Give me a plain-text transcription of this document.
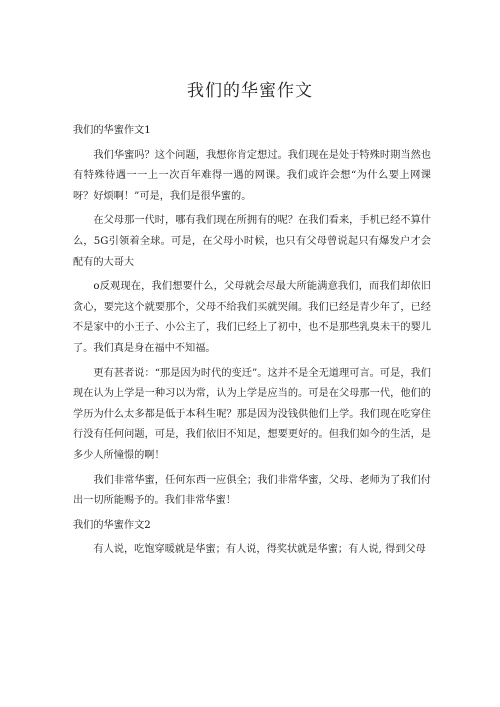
我们的华蜜作文

我们的华蜜作文1

我们华蜜吗？这个问题，我想你肯定想过。我们现在是处于特殊时期当然也有特殊待遇一一上一次百年难得一遇的网课。我们或许会想“为什么要上网课呀？好烦啊！”可是，我们是很华蜜的。

在父母那一代时，哪有我们现在所拥有的呢？在我们看来，手机已经不算什么，5G引领着全球。可是，在父母小时候，也只有父母曾说起只有爆发户才会配有的大哥大

o反观现在，我们想要什么，父母就会尽最大所能满意我们，而我们却依旧贪心，要完这个就要那个，父母不给我们买就哭闹。我们已经是青少年了，已经不是家中的小王子、小公主了，我们已经上了初中，也不是那些乳臭未干的婴儿了。我们真是身在福中不知福。

更有甚者说：“那是因为时代的变迁”。这并不是全无道理可言。可是，我们现在认为上学是一种习以为常，认为上学是应当的。可是在父母那一代，他们的学历为什么太多都是低于本科生呢？那是因为没钱供他们上学。我们现在吃穿住行没有任何问题，可是，我们依旧不知足，想要更好的。但我们如今的生活，是多少人所憧憬的啊！

我们非常华蜜，任何东西一应俱全；我们非常华蜜，父母、老师为了我们付出一切所能赐予的。我们非常华蜜！

我们的华蜜作文2

有人说，吃饱穿暖就是华蜜；有人说，得奖状就是华蜜；有人说, 得到父母
